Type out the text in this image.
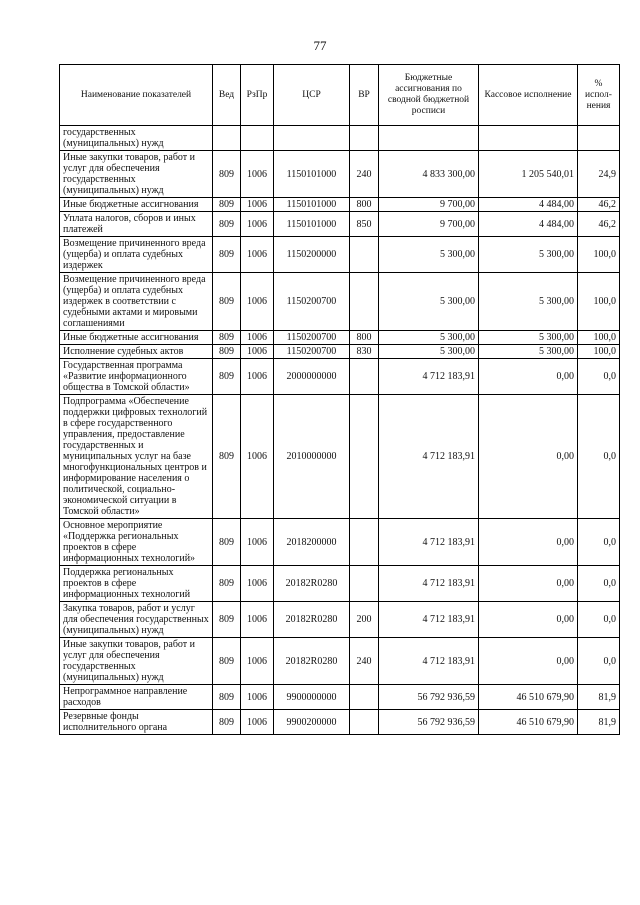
77
Наименование показателей	Вед	РзПр	ЦСР	ВР	Бюджетные ассигнования по сводной бюджетной росписи	Кассовое исполнение	% испол-нения
государственных (муниципальных) нужд							
Иные закупки товаров, работ и услуг для обеспечения государственных (муниципальных) нужд	809	1006	1150101000	240	4 833 300,00	1 205 540,01	24,9
Иные бюджетные ассигнования	809	1006	1150101000	800	9 700,00	4 484,00	46,2
Уплата налогов, сборов и иных платежей	809	1006	1150101000	850	9 700,00	4 484,00	46,2
Возмещение причиненного вреда (ущерба) и оплата судебных издержек	809	1006	1150200000		5 300,00	5 300,00	100,0
Возмещение причиненного вреда (ущерба) и оплата судебных издержек в соответствии с судебными актами и мировыми соглашениями	809	1006	1150200700		5 300,00	5 300,00	100,0
Иные бюджетные ассигнования	809	1006	1150200700	800	5 300,00	5 300,00	100,0
Исполнение судебных актов	809	1006	1150200700	830	5 300,00	5 300,00	100,0
Государственная программа «Развитие информационного общества в Томской области»	809	1006	2000000000		4 712 183,91	0,00	0,0
Подпрограмма «Обеспечение поддержки цифровых технологий в сфере государственного управления, предоставление государственных и муниципальных услуг на базе многофункциональных центров и информирование населения о политической, социально-экономической ситуации в Томской области»	809	1006	2010000000		4 712 183,91	0,00	0,0
Основное мероприятие «Поддержка региональных проектов в сфере информационных технологий»	809	1006	2018200000		4 712 183,91	0,00	0,0
Поддержка региональных проектов в сфере информационных технологий	809	1006	20182R0280		4 712 183,91	0,00	0,0
Закупка товаров, работ и услуг для обеспечения государственных (муниципальных) нужд	809	1006	20182R0280	200	4 712 183,91	0,00	0,0
Иные закупки товаров, работ и услуг для обеспечения государственных (муниципальных) нужд	809	1006	20182R0280	240	4 712 183,91	0,00	0,0
Непрограммное направление расходов	809	1006	9900000000		56 792 936,59	46 510 679,90	81,9
Резервные фонды исполнительного органа	809	1006	9900200000		56 792 936,59	46 510 679,90	81,9
